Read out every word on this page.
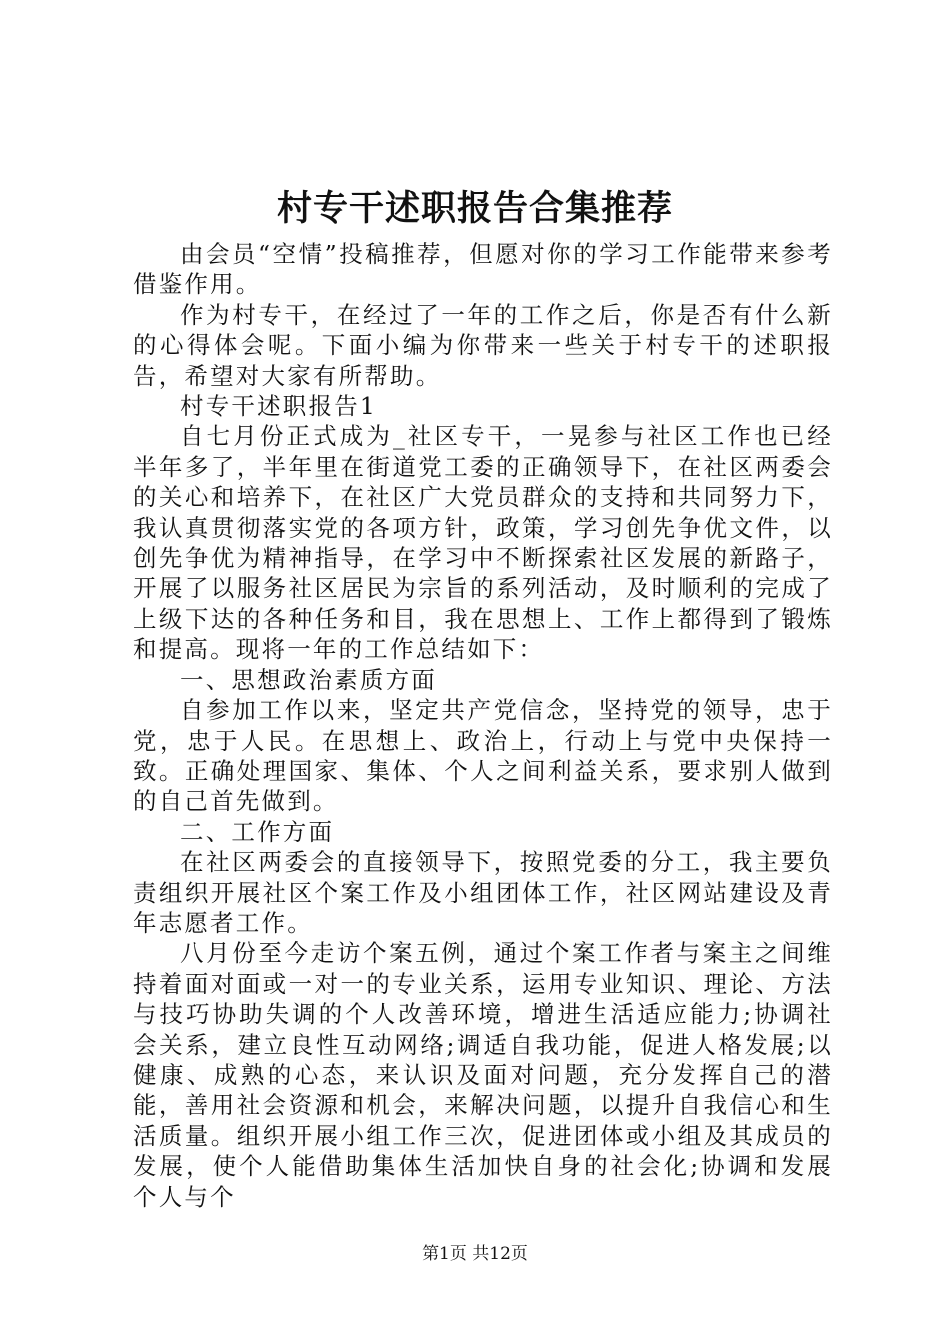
村专干述职报告合集推荐

由会员“空情”投稿推荐，但愿对你的学习工作能带来参考借鉴作用。

作为村专干，在经过了一年的工作之后，你是否有什么新的心得体会呢。下面小编为你带来一些关于村专干的述职报告，希望对大家有所帮助。

村专干述职报告1

自七月份正式成为_社区专干，一晃参与社区工作也已经半年多了，半年里在街道党工委的正确领导下，在社区两委会的关心和培养下，在社区广大党员群众的支持和共同努力下，我认真贯彻落实党的各项方针，政策，学习创先争优文件，以创先争优为精神指导，在学习中不断探索社区发展的新路子，开展了以服务社区居民为宗旨的系列活动，及时顺利的完成了上级下达的各种任务和目，我在思想上、工作上都得到了锻炼和提高。现将一年的工作总结如下：

一、思想政治素质方面

自参加工作以来，坚定共产党信念，坚持党的领导，忠于党，忠于人民。在思想上、政治上，行动上与党中央保持一致。正确处理国家、集体、个人之间利益关系，要求别人做到的自己首先做到。

二、工作方面

在社区两委会的直接领导下，按照党委的分工，我主要负责组织开展社区个案工作及小组团体工作，社区网站建设及青年志愿者工作。

八月份至今走访个案五例，通过个案工作者与案主之间维持着面对面或一对一的专业关系，运用专业知识、理论、方法与技巧协助失调的个人改善环境，增进生活适应能力;协调社会关系，建立良性互动网络;调适自我功能，促进人格发展;以健康、成熟的心态，来认识及面对问题，充分发挥自己的潜能，善用社会资源和机会，来解决问题，以提升自我信心和生活质量。组织开展小组工作三次，促进团体或小组及其成员的发展，使个人能借助集体生活加快自身的社会化;协调和发展个人与个

第1页 共12页
